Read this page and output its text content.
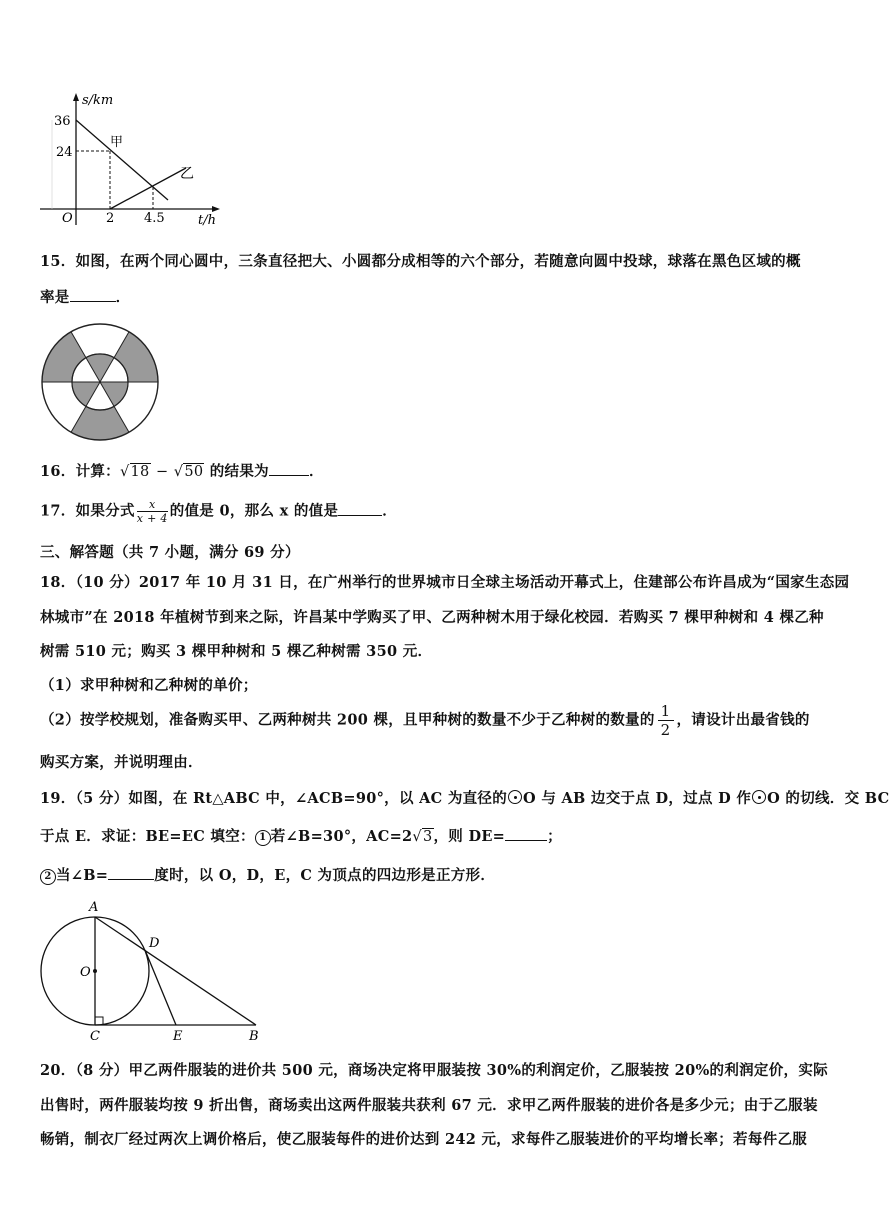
s/km
36
24
甲
乙
O	2 4.5	t/h
15．如图，在两个同心圆中，三条直径把大、小圆都分成相等的六个部分，若随意向圆中投球，球落在黑色区域的概
率是	．
16．计算：√18 − √50 的结果为	．
17．如果分式 $\frac{x}{x + 4}$ 的值是 0，那么 x 的值是	．
三、解答题（共 7 小题，满分 69 分）
18．（10 分）2017 年 10 月 31 日，在广州举行的世界城市日全球主场活动开幕式上，住建部公布许昌成为“国家生态园
林城市”在 2018 年植树节到来之际，许昌某中学购买了甲、乙两种树木用于绿化校园．若购买 7 棵甲种树和 4 棵乙种
树需 510 元；购买 3 棵甲种树和 5 棵乙种树需 350 元．
（1）求甲种树和乙种树的单价；
（2）按学校规划，准备购买甲、乙两种树共 200 棵，且甲种树的数量不少于乙种树的数量的 $\frac{1}{2}$ ，请设计出最省钱的
购买方案，并说明理由．
19．（5 分）如图，在 Rt△ABC 中，∠ACB=90°，以 AC 为直径的 O 与 AB 边交于点 D，过点 D 作 O 的切线．交 BC
于点 E．求证：BE=EC 填空： 1 若∠B=30°，AC=2√3，则 DE=	；
2 当∠B=	度时，以 O，D，E，C 为顶点的四边形是正方形．
A
D
O
C	E	B
20．（8 分）甲乙两件服装的进价共 500 元，商场决定将甲服装按 30%的利润定价，乙服装按 20%的利润定价，实际
出售时，两件服装均按 9 折出售，商场卖出这两件服装共获利 67 元．求甲乙两件服装的进价各是多少元；由于乙服装
畅销，制衣厂经过两次上调价格后，使乙服装每件的进价达到 242 元，求每件乙服装进价的平均增长率；若每件乙服
